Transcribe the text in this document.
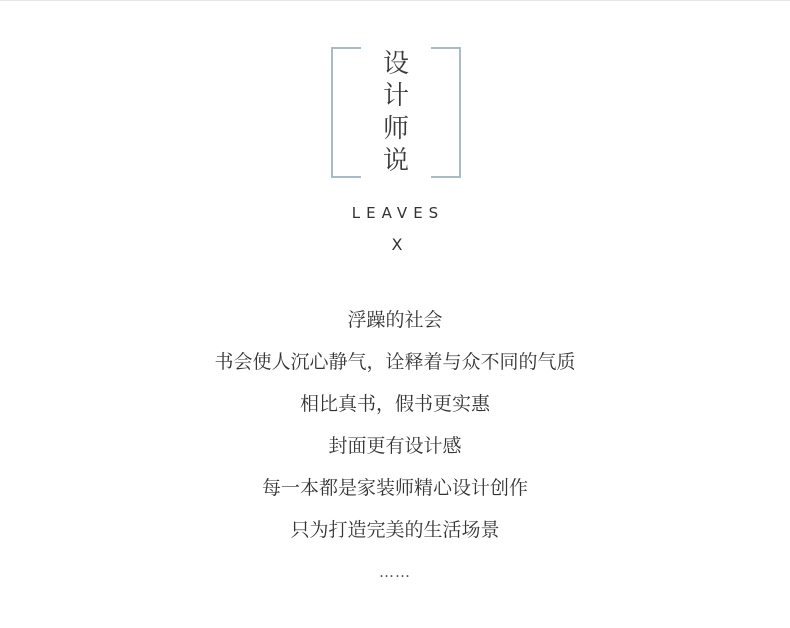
设
计
师
说
LEAVES
X
浮躁的社会
书会使人沉心静气，诠释着与众不同的气质
相比真书，假书更实惠
封面更有设计感
每一本都是家装师精心设计创作
只为打造完美的生活场景
……
